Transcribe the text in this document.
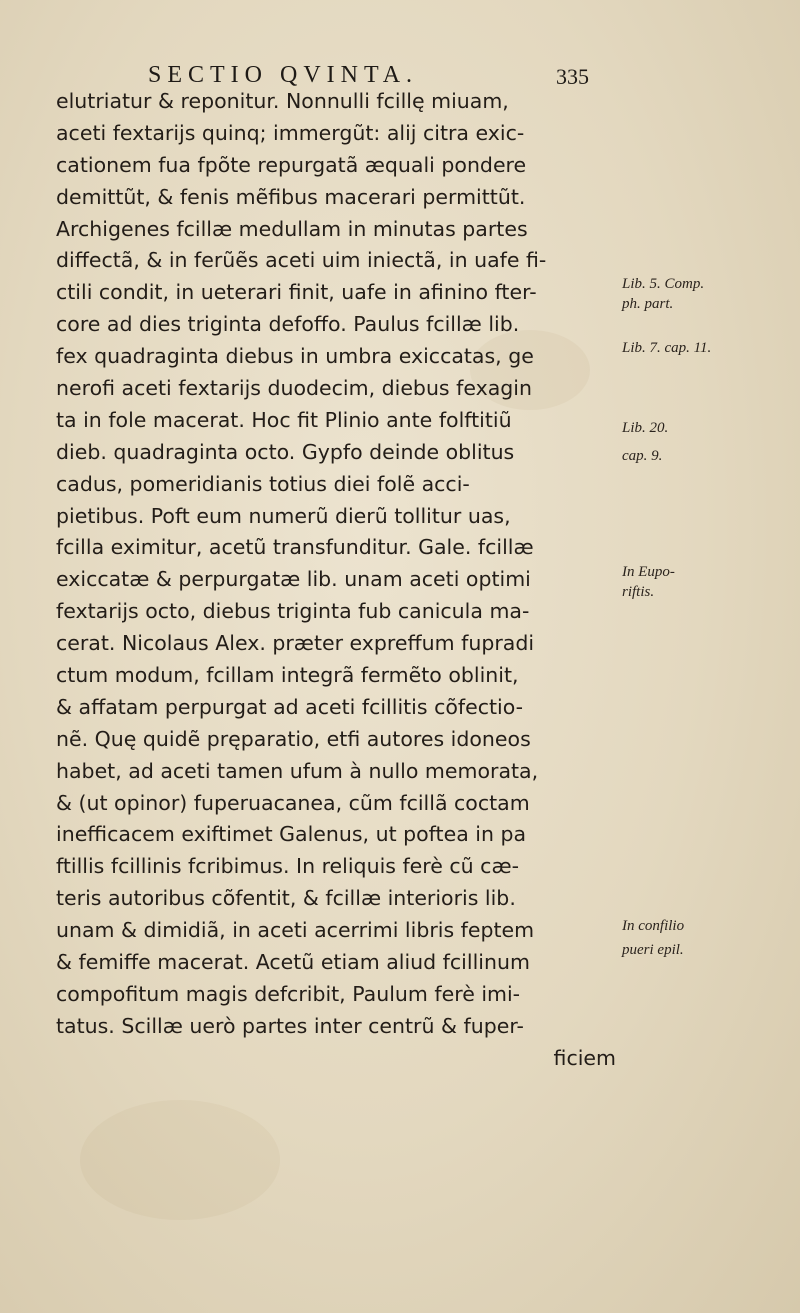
SECTIO QVINTA.	335
elutriatur & reponitur. Nonnulli fcillę miuam,
aceti fextarijs quinq; immergũt: alij citra exic-
cationem fua fpõte repurgatã æquali pondere
demittũt, & fenis mẽfibus macerari permittũt.
Archigenes fcillæ medullam in minutas partes
diffectã, & in ferũẽs aceti uim iniectã, in uafe fi-
ctili condit, in ueterari finit, uafe in afinino fter-
core ad dies triginta defoffo. Paulus fcillæ lib.
fex quadraginta diebus in umbra exiccatas, ge
nerofi aceti fextarijs duodecim, diebus fexagin
ta in fole macerat. Hoc fit Plinio ante folftitiũ
dieb. quadraginta octo. Gypfo deinde oblitus
cadus, pomeridianis totius diei folẽ acci-
pietibus. Poft eum numerũ dierũ tollitur uas,
fcilla eximitur, acetũ transfunditur. Gale. fcillæ
exiccatæ & perpurgatæ lib. unam aceti optimi
fextarijs octo, diebus triginta fub canicula ma-
cerat. Nicolaus Alex. præter expreffum fupradi
ctum modum, fcillam integrã fermẽto oblinit,
& affatam perpurgat ad aceti fcillitis cõfectio-
nẽ. Quę quidẽ pręparatio, etfi autores idoneos
habet, ad aceti tamen ufum à nullo memorata,
& (ut opinor) fuperuacanea, cũm fcillã coctam
inefficacem exiftimet Galenus, ut poftea in pa
ftillis fcillinis fcribimus. In reliquis ferè cũ cæ-
teris autoribus cõfentit, & fcillæ interioris lib.
unam & dimidiã, in aceti acerrimi libris feptem
& femiffe macerat. Acetũ etiam aliud fcillinum
compofitum magis defcribit, Paulum ferè imi-
tatus. Scillæ uerò partes inter centrũ & fuper-
ficiem
Lib. 5. Comp.
ph. part.
Lib. 7. cap. 11.
Lib. 20.
cap. 9.
In Eupo-
riftis.
In confilio
pueri epil.
